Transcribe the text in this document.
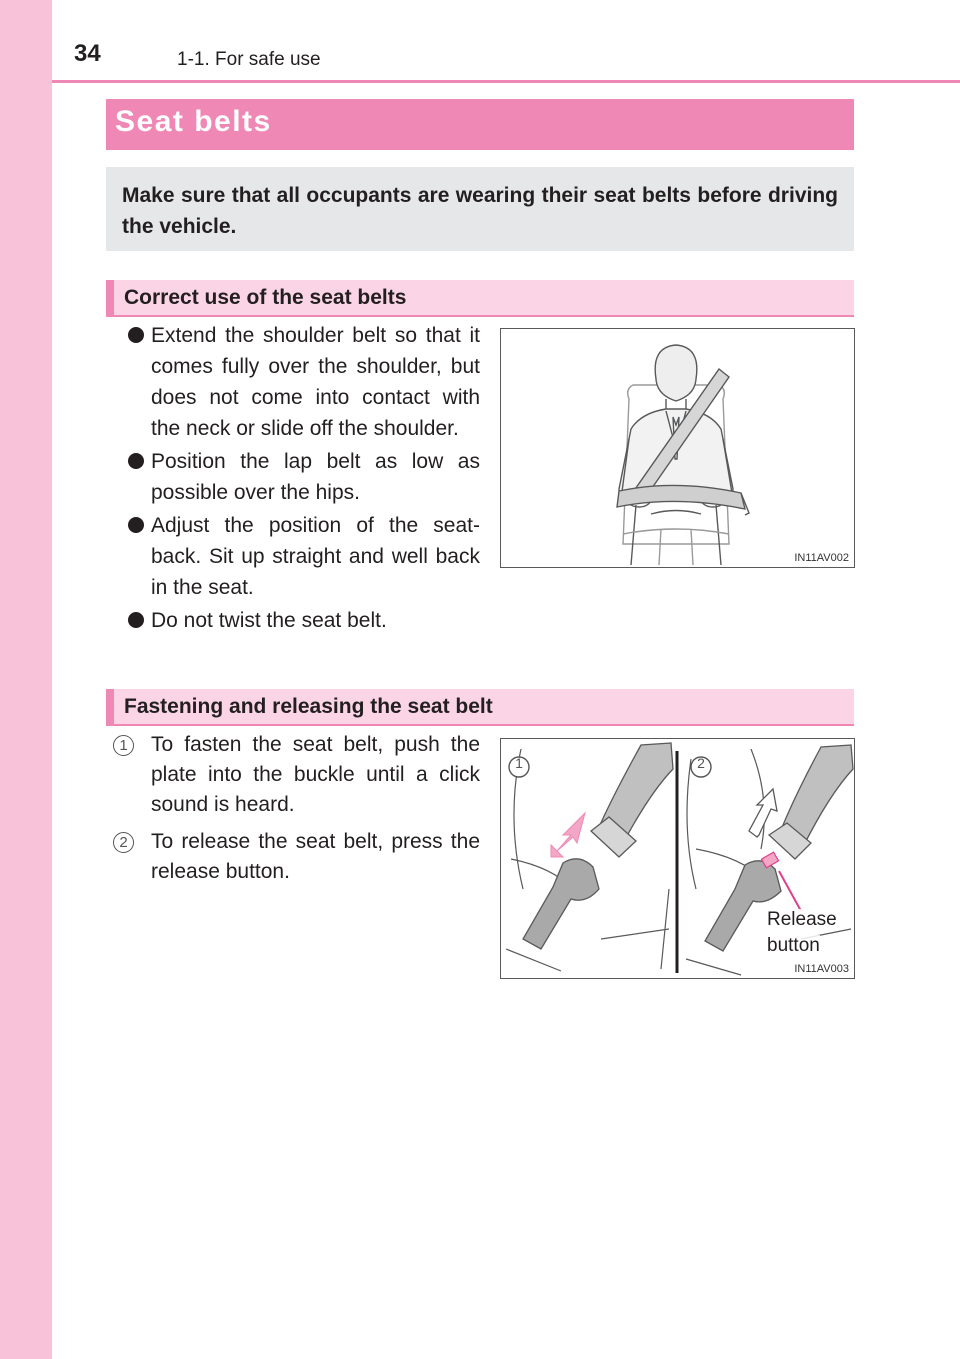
34	1-1. For safe use
Seat belts

Make sure that all occupants are wearing their seat belts before driving the vehicle.

Correct use of the seat belts
Extend the shoulder belt so that it comes fully over the shoulder, but does not come into contact with the neck or slide off the shoulder.
Position the lap belt as low as possible over the hips.
Adjust the position of the seat-back. Sit up straight and well back in the seat.
Do not twist the seat belt.
IN11AV002
Fastening and releasing the seat belt
1	To fasten the seat belt, push the plate into the buckle until a click sound is heard.
2	To release the seat belt, press the release button.
1	2
Release
button
IN11AV003
